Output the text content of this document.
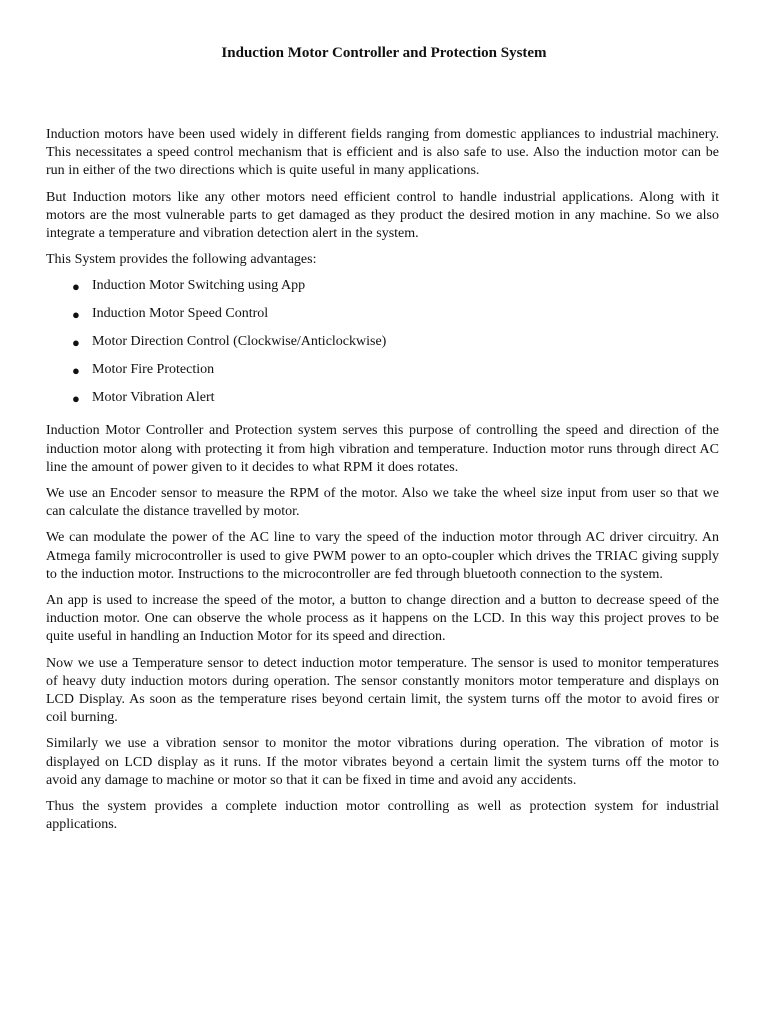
Induction Motor Controller and Protection System

Induction motors have been used widely in different fields ranging from domestic appliances to industrial machinery. This necessitates a speed control mechanism that is efficient and is also safe to use. Also the induction motor can be run in either of the two directions which is quite useful in many applications.

But Induction motors like any other motors need efficient control to handle industrial applications. Along with it motors are the most vulnerable parts to get damaged as they product the desired motion in any machine. So we also integrate a temperature and vibration detection alert in the system.

This System provides the following advantages:

● Induction Motor Switching using App
● Induction Motor Speed Control
● Motor Direction Control (Clockwise/Anticlockwise)
● Motor Fire Protection
● Motor Vibration Alert

Induction Motor Controller and Protection system serves this purpose of controlling the speed and direction of the induction motor along with protecting it from high vibration and temperature. Induction motor runs through direct AC line the amount of power given to it decides to what RPM it does rotates.

We use an Encoder sensor to measure the RPM of the motor. Also we take the wheel size input from user so that we can calculate the distance travelled by motor.

We can modulate the power of the AC line to vary the speed of the induction motor through AC driver circuitry. An Atmega family microcontroller is used to give PWM power to an opto-coupler which drives the TRIAC giving supply to the induction motor. Instructions to the microcontroller are fed through bluetooth connection to the system.

An app is used to increase the speed of the motor, a button to change direction and a button to decrease speed of the induction motor. One can observe the whole process as it happens on the LCD. In this way this project proves to be quite useful in handling an Induction Motor for its speed and direction.

Now we use a Temperature sensor to detect induction motor temperature. The sensor is used to monitor temperatures of heavy duty induction motors during operation. The sensor constantly monitors motor temperature and displays on LCD Display. As soon as the temperature rises beyond certain limit, the system turns off the motor to avoid fires or coil burning.

Similarly we use a vibration sensor to monitor the motor vibrations during operation. The vibration of motor is displayed on LCD display as it runs. If the motor vibrates beyond a certain limit the system turns off the motor to avoid any damage to machine or motor so that it can be fixed in time and avoid any accidents.

Thus the system provides a complete induction motor controlling as well as protection system for industrial applications.
